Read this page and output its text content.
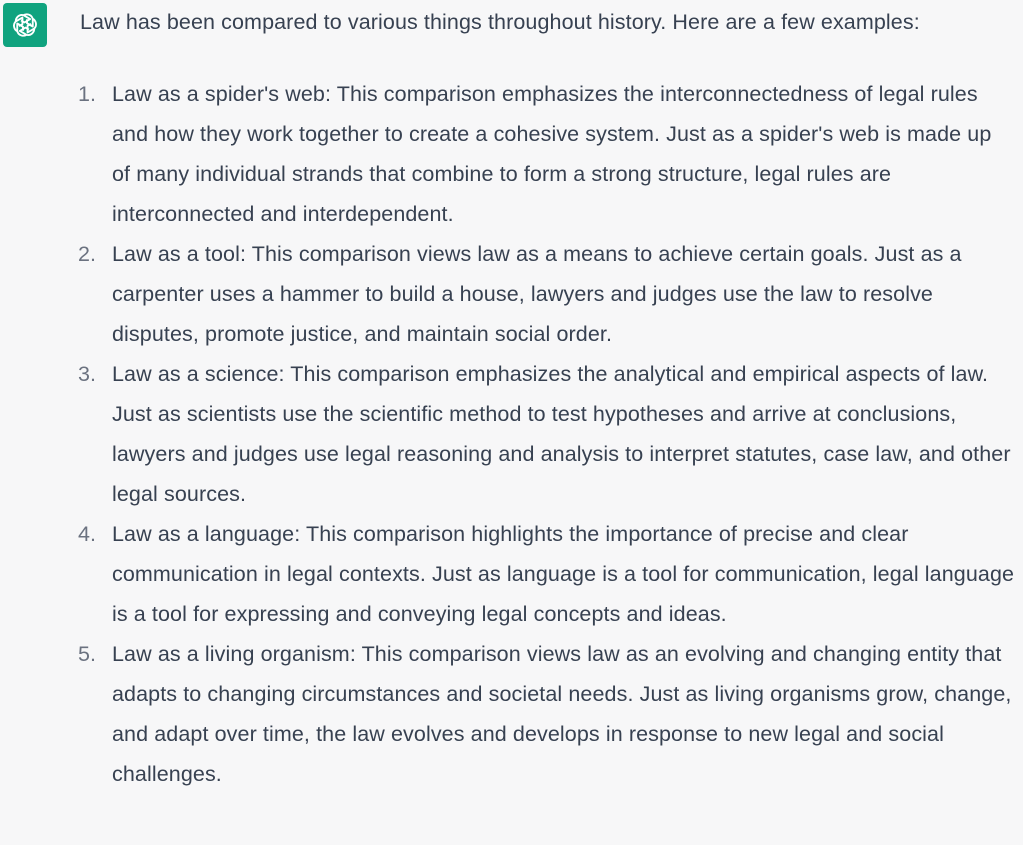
Law has been compared to various things throughout history. Here are a few examples:

1. Law as a spider's web: This comparison emphasizes the interconnectedness of legal rules and how they work together to create a cohesive system. Just as a spider's web is made up of many individual strands that combine to form a strong structure, legal rules are interconnected and interdependent.
2. Law as a tool: This comparison views law as a means to achieve certain goals. Just as a carpenter uses a hammer to build a house, lawyers and judges use the law to resolve disputes, promote justice, and maintain social order.
3. Law as a science: This comparison emphasizes the analytical and empirical aspects of law. Just as scientists use the scientific method to test hypotheses and arrive at conclusions, lawyers and judges use legal reasoning and analysis to interpret statutes, case law, and other legal sources.
4. Law as a language: This comparison highlights the importance of precise and clear communication in legal contexts. Just as language is a tool for communication, legal language is a tool for expressing and conveying legal concepts and ideas.
5. Law as a living organism: This comparison views law as an evolving and changing entity that adapts to changing circumstances and societal needs. Just as living organisms grow, change, and adapt over time, the law evolves and develops in response to new legal and social challenges.
